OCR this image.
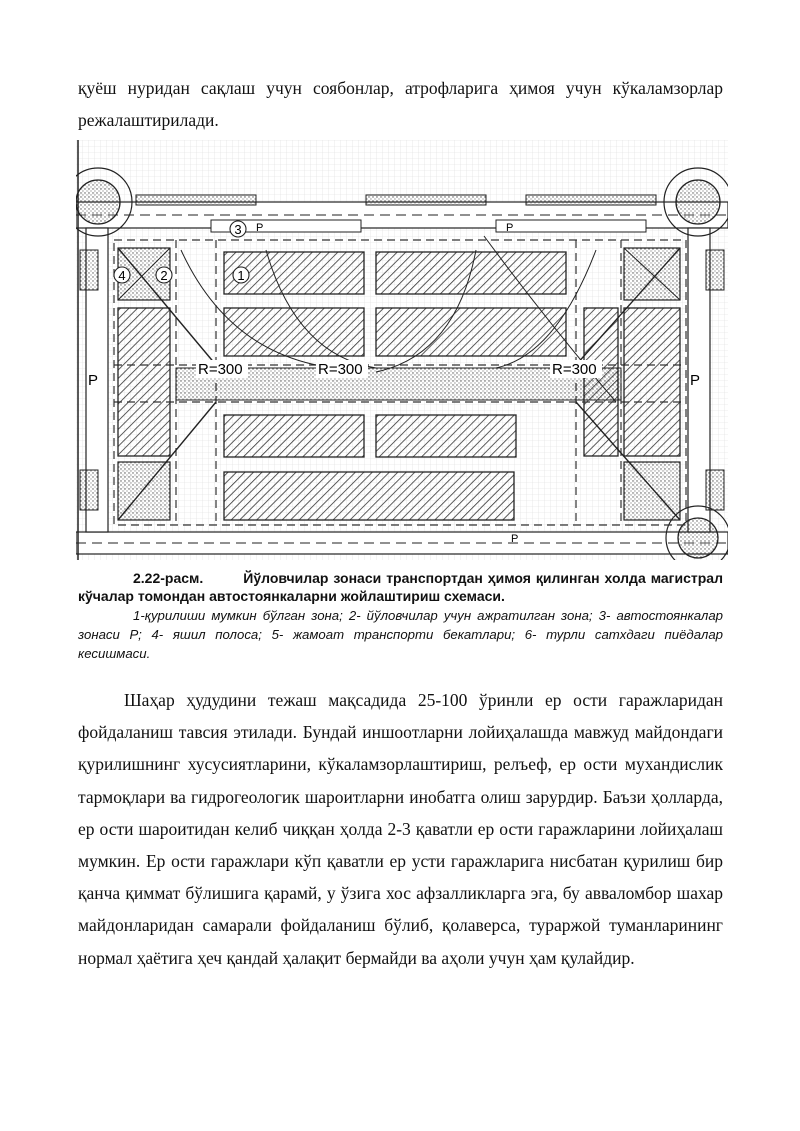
қуёш нуридан сақлаш учун соябонлар, атрофларига ҳимоя учун кўкаламзорлар
режалаштирилади.
4	2	1
3 P	P
P	P
P
R=300	R=300	R=300
2.22-расм.	Йўловчилар зонаси транспортдан ҳимоя қилинган холда магистрал кўчалар томондан автостоянкаларни жойлаштириш схемаси.
1-қурилиши мумкин бўлган зона; 2- йўловчилар учун ажратилган зона; 3- автостоянкалар зонаси Р; 4- яшил полоса; 5- жамоат транспорти бекатлари; 6- турли сатхдаги пиёдалар кесишмаси.
Шаҳар ҳудудини тежаш мақсадида 25-100 ўринли ер ости гаражларидан фойдаланиш тавсия этилади. Бундай иншоотларни лойиҳалашда мавжуд майдондаги қурилишнинг хусусиятларини, кўкаламзорлаштириш, релъеф, ер ости мухандислик тармоқлари ва гидрогеологик шароитларни инобатга олиш зарурдир. Баъзи ҳолларда, ер ости шароитидан келиб чиққан ҳолда 2-3 қаватли ер ости гаражларини лойиҳалаш мумкин. Ер ости гаражлари кўп қаватли ер усти гаражларига нисбатан қурилиш бир қанча қиммат бўлишига қарамй, у ўзига хос афзалликларга эга, бу авваломбор шахар майдонларидан самарали фойдаланиш бўлиб, қолаверса, тураржой туманларининг нормал ҳаётига ҳеч қандай ҳалақит бермайди ва аҳоли учун ҳам қулайдир.
